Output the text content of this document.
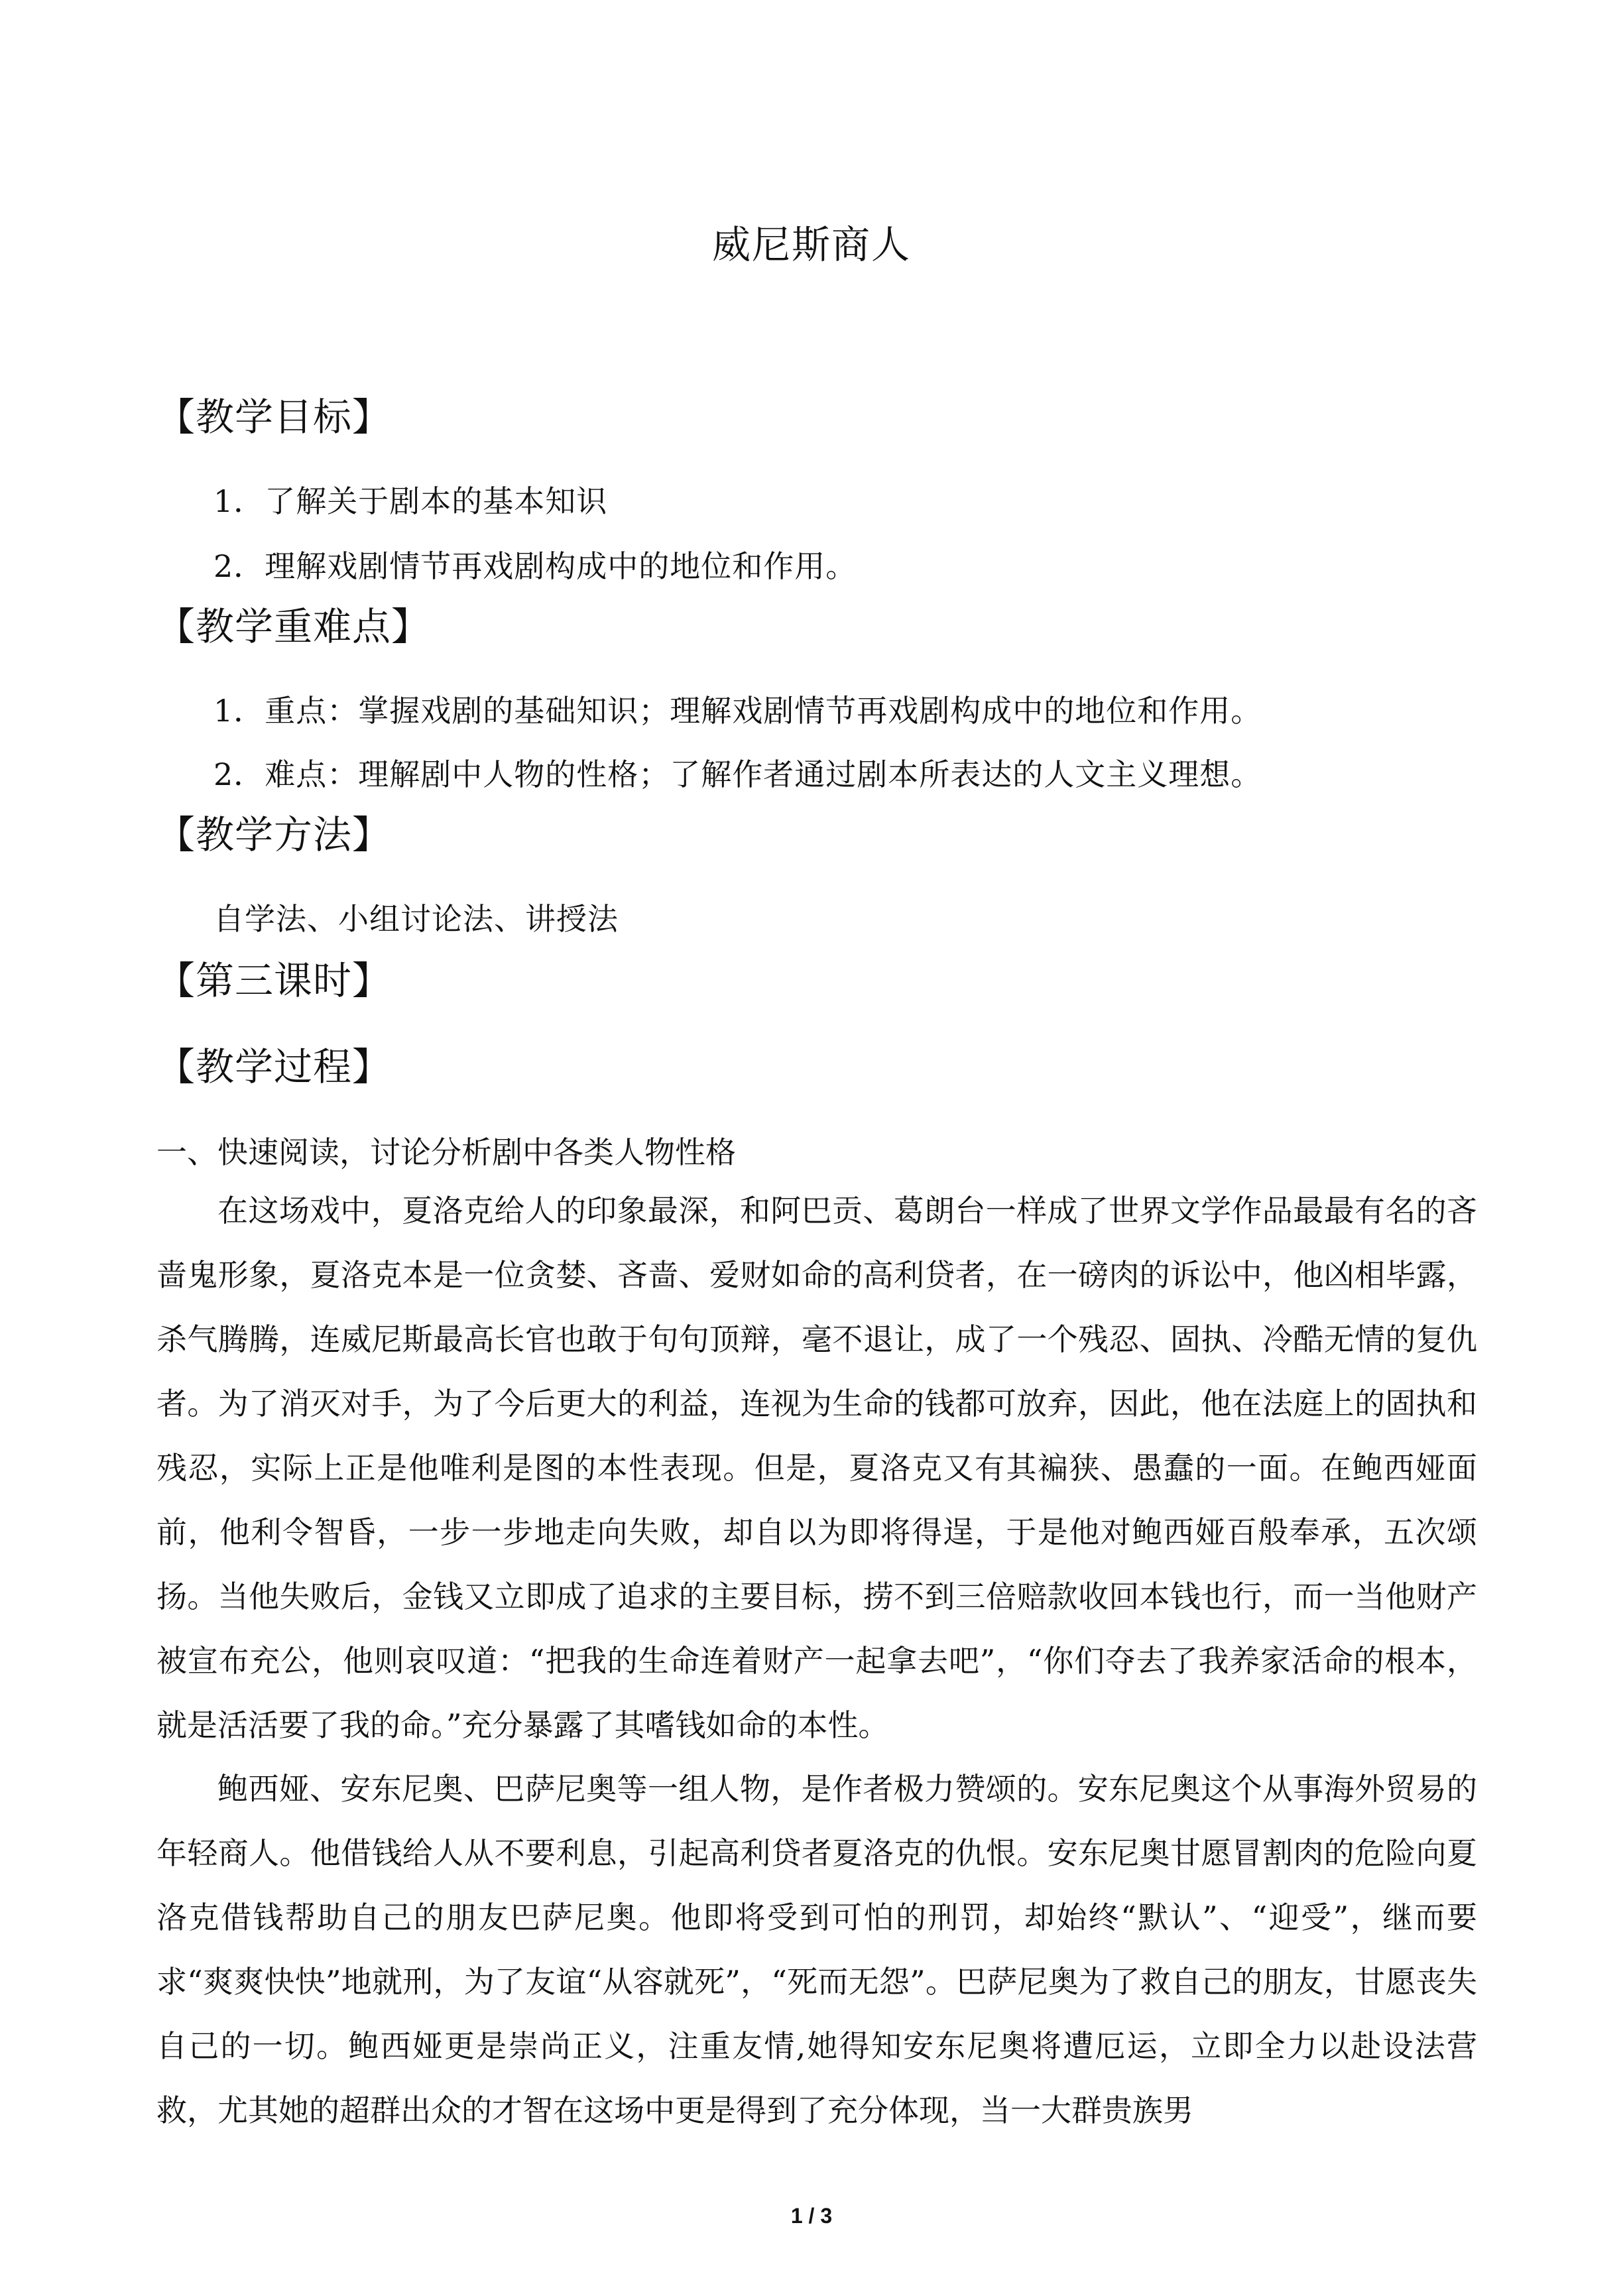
威尼斯商人
【教学目标】
1．了解关于剧本的基本知识
2．理解戏剧情节再戏剧构成中的地位和作用。
【教学重难点】
1．重点：掌握戏剧的基础知识；理解戏剧情节再戏剧构成中的地位和作用。
2．难点：理解剧中人物的性格；了解作者通过剧本所表达的人文主义理想。
【教学方法】
自学法、小组讨论法、讲授法
【第三课时】
【教学过程】
一、快速阅读，讨论分析剧中各类人物性格

在这场戏中，夏洛克给人的印象最深，和阿巴贡、葛朗台一样成了世界文学作品最最有名的吝啬鬼形象，夏洛克本是一位贪婪、吝啬、爱财如命的高利贷者，在一磅肉的诉讼中，他凶相毕露，杀气腾腾，连威尼斯最高长官也敢于句句顶辩，毫不退让，成了一个残忍、固执、冷酷无情的复仇者。为了消灭对手，为了今后更大的利益，连视为生命的钱都可放弃，因此，他在法庭上的固执和残忍，实际上正是他唯利是图的本性表现。但是，夏洛克又有其褊狭、愚蠢的一面。在鲍西娅面前，他利令智昏，一步一步地走向失败，却自以为即将得逞，于是他对鲍西娅百般奉承，五次颂扬。当他失败后，金钱又立即成了追求的主要目标，捞不到三倍赔款收回本钱也行，而一当他财产被宣布充公，他则哀叹道：“把我的生命连着财产一起拿去吧”，“你们夺去了我养家活命的根本，就是活活要了我的命。”充分暴露了其嗜钱如命的本性。

鲍西娅、安东尼奥、巴萨尼奥等一组人物，是作者极力赞颂的。安东尼奥这个从事海外贸易的年轻商人。他借钱给人从不要利息，引起高利贷者夏洛克的仇恨。安东尼奥甘愿冒割肉的危险向夏洛克借钱帮助自己的朋友巴萨尼奥。他即将受到可怕的刑罚，却始终“默认”、“迎受”，继而要求“爽爽快快”地就刑，为了友谊“从容就死”，“死而无怨”。巴萨尼奥为了救自己的朋友，甘愿丧失自己的一切。鲍西娅更是崇尚正义，注重友情,她得知安东尼奥将遭厄运，立即全力以赴设法营救，尤其她的超群出众的才智在这场中更是得到了充分体现，当一大群贵族男

1 / 3
